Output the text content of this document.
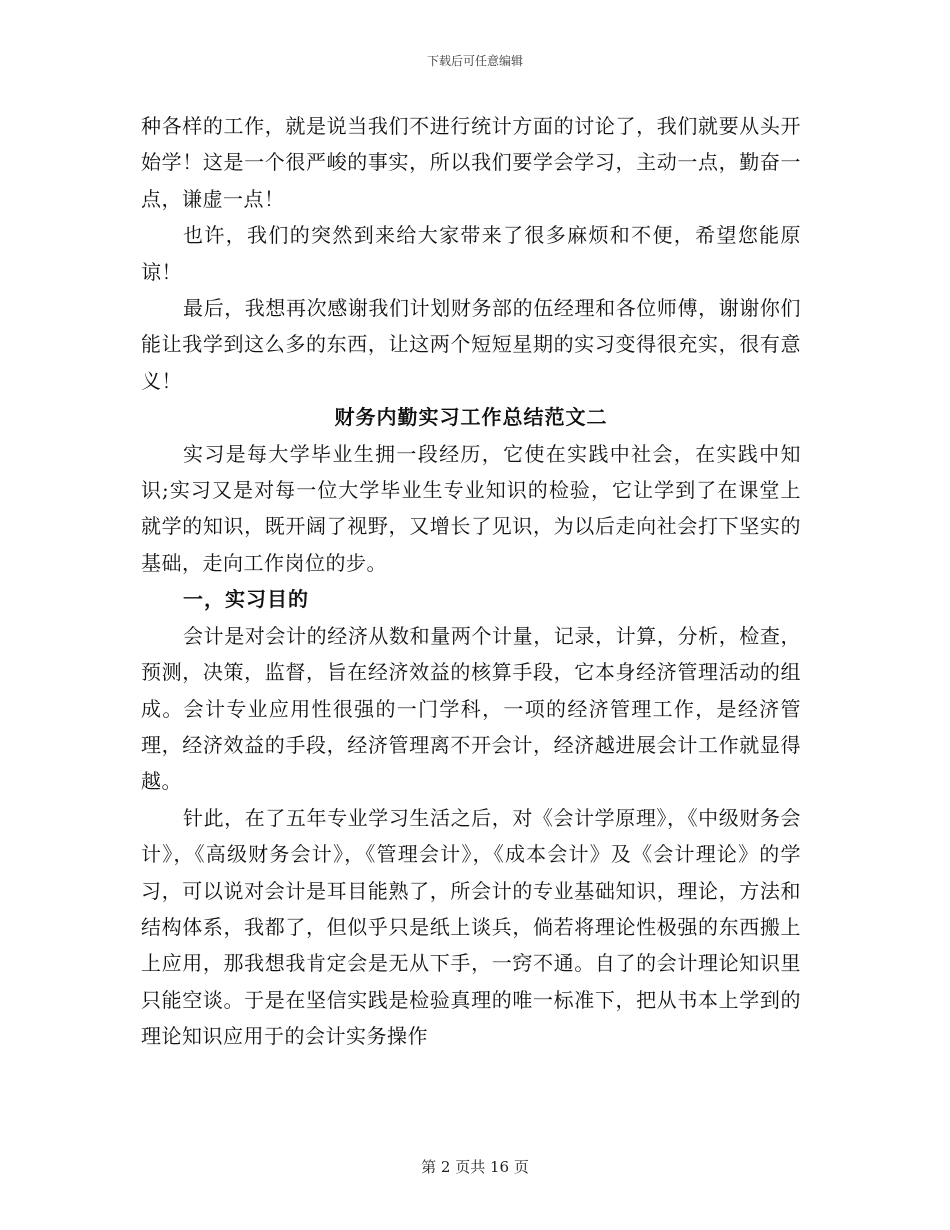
下载后可任意编辑

种各样的工作，就是说当我们不进行统计方面的讨论了，我们就要从头开始学！这是一个很严峻的事实，所以我们要学会学习，主动一点，勤奋一点，谦虚一点！

也许，我们的突然到来给大家带来了很多麻烦和不便，希望您能原谅！

最后，我想再次感谢我们计划财务部的伍经理和各位师傅，谢谢你们能让我学到这么多的东西，让这两个短短星期的实习变得很充实，很有意义！

财务内勤实习工作总结范文二

实习是每大学毕业生拥一段经历，它使在实践中社会，在实践中知识;实习又是对每一位大学毕业生专业知识的检验，它让学到了在课堂上就学的知识，既开阔了视野，又增长了见识，为以后走向社会打下坚实的基础，走向工作岗位的步。

一，实习目的

会计是对会计的经济从数和量两个计量，记录，计算，分析，检查，预测，决策，监督，旨在经济效益的核算手段，它本身经济管理活动的组成。会计专业应用性很强的一门学科，一项的经济管理工作，是经济管理，经济效益的手段，经济管理离不开会计，经济越进展会计工作就显得越。

针此，在了五年专业学习生活之后，对《会计学原理》，《中级财务会计》，《高级财务会计》，《管理会计》，《成本会计》及《会计理论》的学习，可以说对会计是耳目能熟了，所会计的专业基础知识，理论，方法和结构体系，我都了，但似乎只是纸上谈兵，倘若将理论性极强的东西搬上上应用，那我想我肯定会是无从下手，一窍不通。自了的会计理论知识里只能空谈。于是在坚信实践是检验真理的唯一标准下，把从书本上学到的理论知识应用于的会计实务操作

第 2 页共 16 页
